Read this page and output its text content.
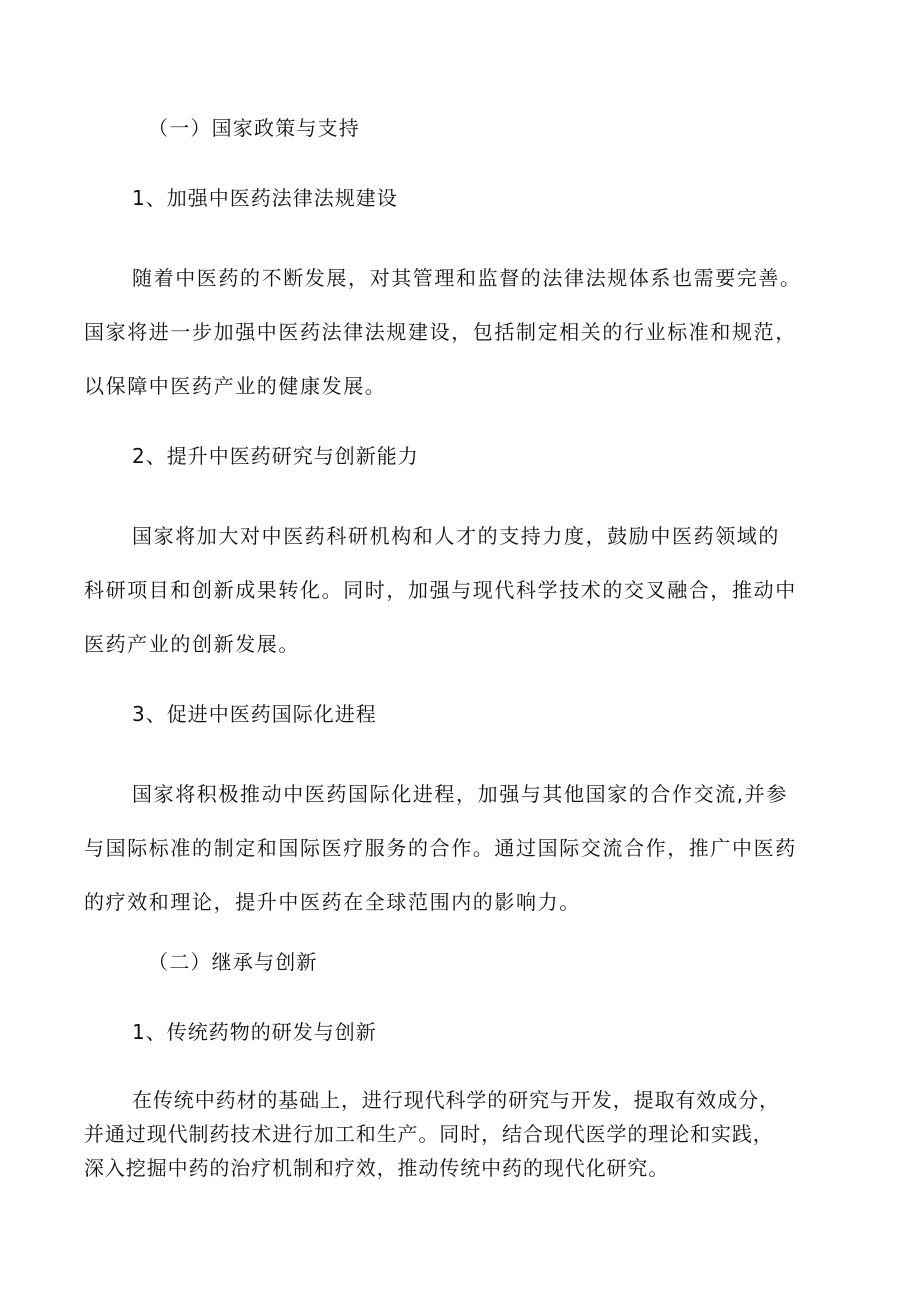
（一）国家政策与支持
1、加强中医药法律法规建设
随着中医药的不断发展，对其管理和监督的法律法规体系也需要完善。
国家将进一步加强中医药法律法规建设，包括制定相关的行业标准和规范，
以保障中医药产业的健康发展。
2、提升中医药研究与创新能力
国家将加大对中医药科研机构和人才的支持力度，鼓励中医药领域的
科研项目和创新成果转化。同时，加强与现代科学技术的交叉融合，推动中
医药产业的创新发展。
3、促进中医药国际化进程
国家将积极推动中医药国际化进程，加强与其他国家的合作交流,并参
与国际标准的制定和国际医疗服务的合作。通过国际交流合作，推广中医药
的疗效和理论，提升中医药在全球范围内的影响力。
（二）继承与创新
1、传统药物的研发与创新
在传统中药材的基础上，进行现代科学的研究与开发，提取有效成分，
并通过现代制药技术进行加工和生产。同时，结合现代医学的理论和实践，
深入挖掘中药的治疗机制和疗效，推动传统中药的现代化研究。
